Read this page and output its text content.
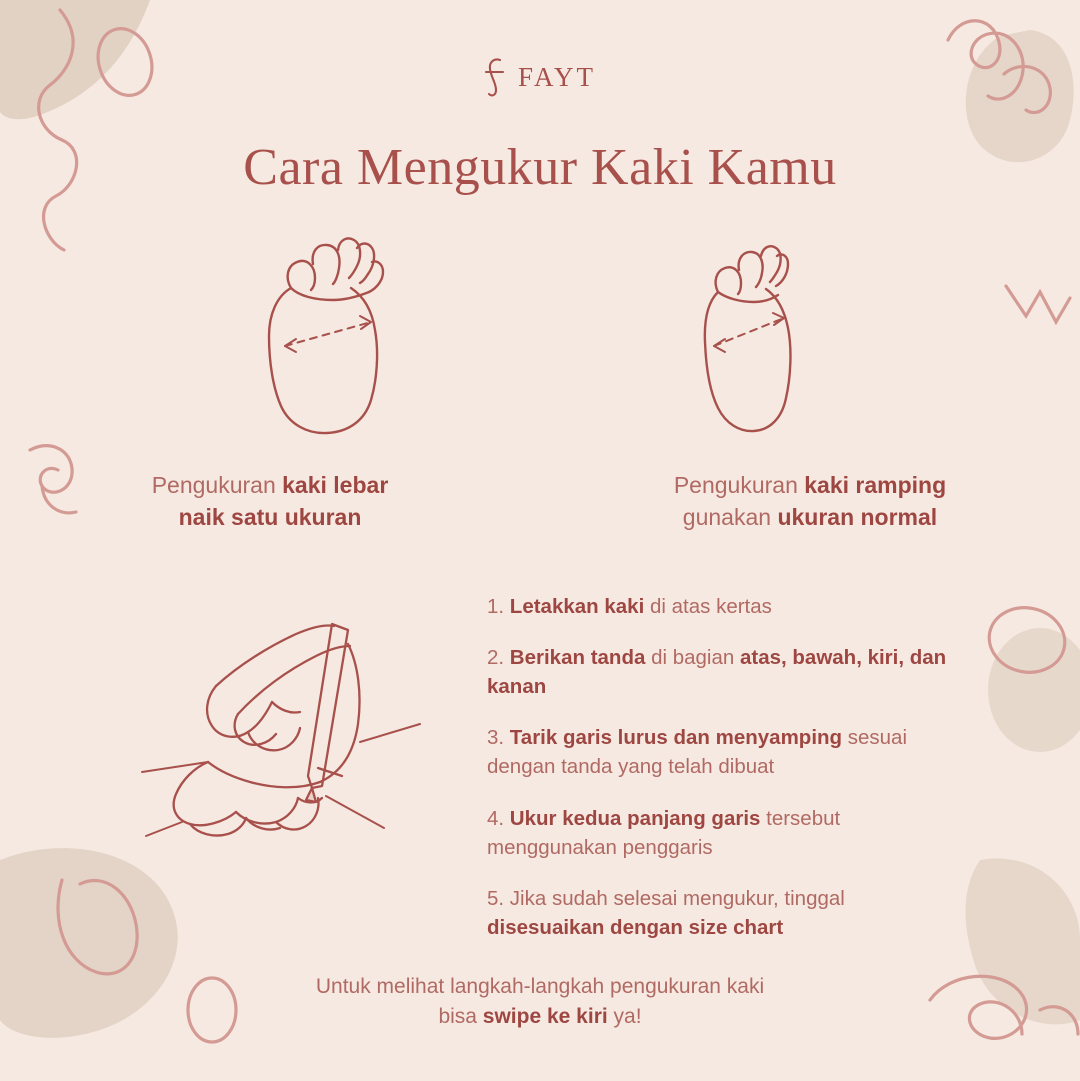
FAYT
Cara Mengukur Kaki Kamu
Pengukuran kaki lebar
naik satu ukuran
Pengukuran kaki ramping
gunakan ukuran normal
1. Letakkan kaki di atas kertas
2. Berikan tanda di bagian atas, bawah, kiri, dan kanan
3. Tarik garis lurus dan menyamping sesuai dengan tanda yang telah dibuat
4. Ukur kedua panjang garis tersebut menggunakan penggaris
5. Jika sudah selesai mengukur, tinggal disesuaikan dengan size chart
Untuk melihat langkah-langkah pengukuran kaki
bisa swipe ke kiri ya!
